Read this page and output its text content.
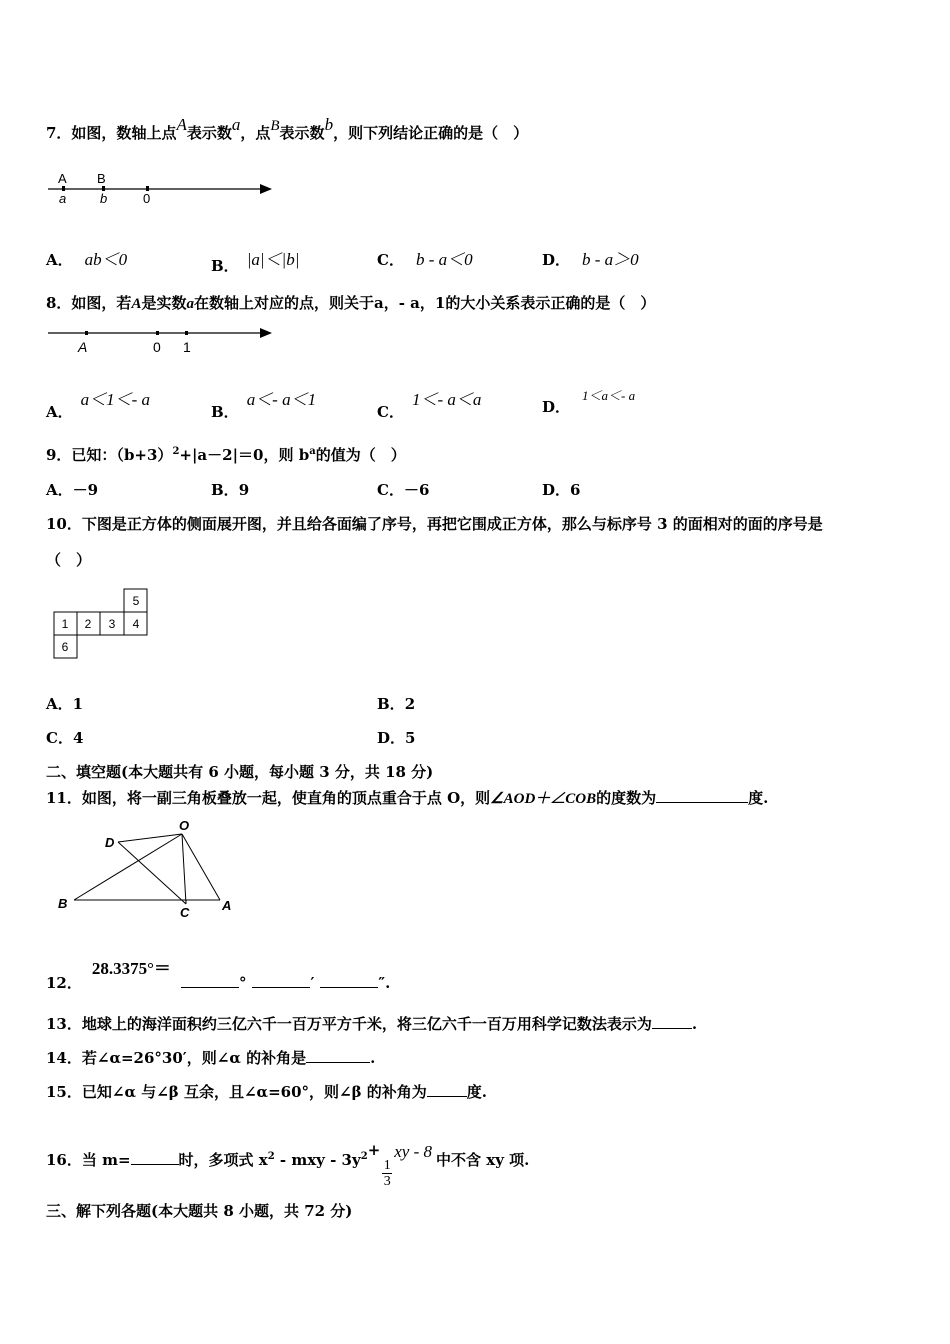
7．如图，数轴上点A表示数a，点B表示数b，则下列结论正确的是（　）
A B
a	b	0
A． ab＜0	B． |a|＜|b|	C． b - a＜0	D． b - a＞0
8．如图，若A是实数a在数轴上对应的点，则关于a，- a，1的大小关系表示正确的是（　）
A	0 1
A．a＜1＜- a
B．a＜- a＜1
C．1＜- a＜a	D．1＜a＜- a
9．已知：$(b+3)^2+|a-2|=0$，则 $b^a$的值为（　）
A．－9	B．9	C．－6	D．6
10．下图是正方体的侧面展开图，并且给各面编了序号，再把它围成正方体，那么与标序号 3 的面相对的面的序号是
（　）
5
1 2 3 4
6
A．1	B．2
C．4	D．5
二、填空题(本大题共有 6 小题，每小题 3 分，共 18 分)
11．如图，将一副三角板叠放一起，使直角的顶点重合于点 O，则∠AOD＋∠COB的度数为	度.
O
D
B
C	A
12．28.3375°＝°	′	″.
13．地球上的海洋面积约三亿六千一百万平方千米，将三亿六千一百万用科学记数法表示为	.
14．若∠α=26°30′，则∠α 的补角是	.
15．已知∠α 与∠β 互余，且∠α=60°，则∠β 的补角为	度.
16．当 m=	时，多项式 $x^2$ - mxy - $3y^2+$
$\frac{1}{3}$
xy - 8 中不含 xy 项.
三、解下列各题(本大题共 8 小题，共 72 分)
